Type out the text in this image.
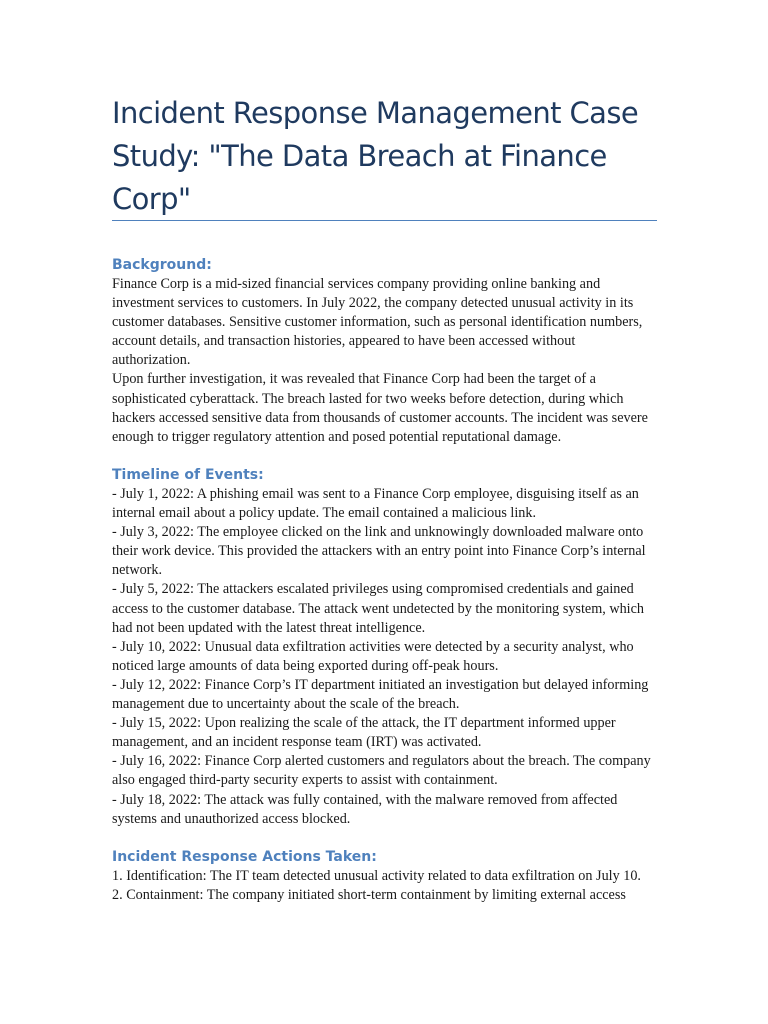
Incident Response Management Case Study: "The Data Breach at Finance Corp"
Background:

Finance Corp is a mid-sized financial services company providing online banking and investment services to customers. In July 2022, the company detected unusual activity in its customer databases. Sensitive customer information, such as personal identification numbers, account details, and transaction histories, appeared to have been accessed without authorization.

Upon further investigation, it was revealed that Finance Corp had been the target of a sophisticated cyberattack. The breach lasted for two weeks before detection, during which hackers accessed sensitive data from thousands of customer accounts. The incident was severe enough to trigger regulatory attention and posed potential reputational damage.

Timeline of Events:
- July 1, 2022: A phishing email was sent to a Finance Corp employee, disguising itself as an internal email about a policy update. The email contained a malicious link.
- July 3, 2022: The employee clicked on the link and unknowingly downloaded malware onto their work device. This provided the attackers with an entry point into Finance Corp’s internal network.
- July 5, 2022: The attackers escalated privileges using compromised credentials and gained access to the customer database. The attack went undetected by the monitoring system, which had not been updated with the latest threat intelligence.
- July 10, 2022: Unusual data exfiltration activities were detected by a security analyst, who noticed large amounts of data being exported during off-peak hours.
- July 12, 2022: Finance Corp’s IT department initiated an investigation but delayed informing management due to uncertainty about the scale of the breach.
- July 15, 2022: Upon realizing the scale of the attack, the IT department informed upper management, and an incident response team (IRT) was activated.
- July 16, 2022: Finance Corp alerted customers and regulators about the breach. The company also engaged third-party security experts to assist with containment.
- July 18, 2022: The attack was fully contained, with the malware removed from affected systems and unauthorized access blocked.
Incident Response Actions Taken:
1. Identification: The IT team detected unusual activity related to data exfiltration on July 10.
2. Containment: The company initiated short-term containment by limiting external access
